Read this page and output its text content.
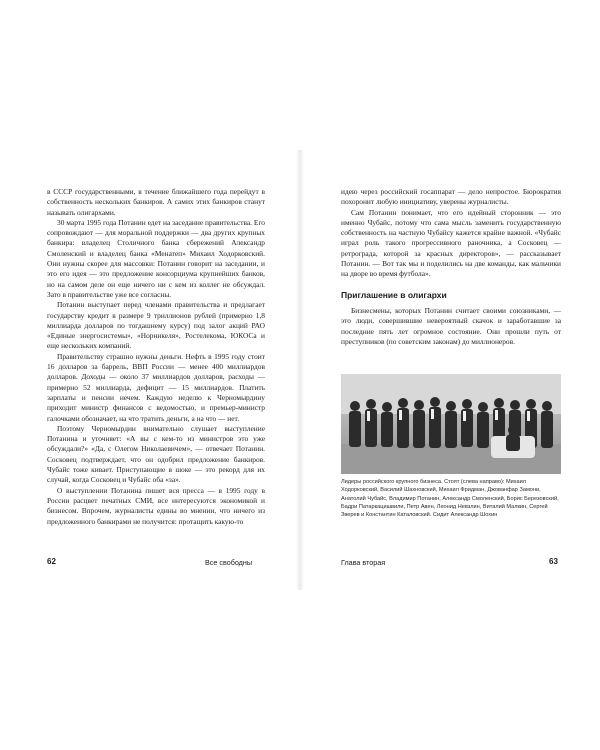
в СССР государственными, в течение ближайшего года перейдут в собственность нескольких банкиров. А самих этих банкиров станут называть олигархами.

30 марта 1995 года Потанин едет на заседание правительства. Его сопровождают — для моральной поддержки — два других крупных банкира: владелец Столичного банка сбережений Александр Смоленский и владелец банка «Менатеп» Михаил Ходорковский. Они нужны скорее для массовки: Потанин говорит на заседании, и это его идея — это предложение консорциума крупнейших банков, но на самом деле он еще ничего ни с кем из коллег не обсуждал. Зато в правительстве уже все согласны.

Потанин выступает перед членами правительства и предлагает государству кредит в размере 9 триллионов рублей (примерно 1,8 миллиарда долларов по тогдашнему курсу) под залог акций РАО «Единые энергосистемы», «Норникеля», Ростелекома, ЮКОСа и еще нескольких компаний.

Правительству страшно нужны деньги. Нефть в 1995 году стоит 16 долларов за баррель, ВВП России — менее 400 миллиардов долларов. Доходы — около 37 миллиардов долларов, расходы — примерно 52 миллиарда, дефицит — 15 миллиардов. Платить зарплаты и пенсии нечем. Каждую неделю к Черномырдину приходит министр финансов с ведомостью, и премьер-министр галочками обозначает, на что тратить деньги, а на что — нет.

Поэтому Черномырдин внимательно слушает выступление Потанина и уточняет: «А вы с кем-то из министров это уже обсуждали?» «Да, с Олегом Николаевичем», — отвечает Потанин. Сосковец подтверждает, что он одобрил предложение банкиров. Чубайс тоже кивает. Приступающие в шоке — это рекорд для их случай, когда Сосковец и Чубайс оба «за».

О выступлении Потанина пишет вся пресса — в 1995 году в России расцвет печатных СМИ, все интересуются экономикой и бизнесом. Впрочем, журналисты едины во мнении, что ничего из предложенного банкирами не получится: протащить какую-то

62	Все свободны

идею через российский госаппарат — дело непростое. Бюрократия похоронит любую инициативу, уверены журналисты.

Сам Потанин понимает, что его идейный сторонник — это именно Чубайс, потому что сама мысль заменить государственную собственность на частную Чубайсу кажется крайне важной. «Чубайс играл роль такого прогрессивного раночника, а Сосковец — ретрограда, которой за красных директоров», — рассказывает Потанин. — Вот так мы и поделились на две команды, как мальчики на дворе во время футбола».

Приглашение в олигархи

Бизнесмены, которых Потанин считает своими союзниками, — это люди, совершившие невероятный скачок и заработавшие за последние пять лет огромное состояние. Они прошли путь от преступников (по советским законам) до миллионеров.

Лидеры российского крупного бизнеса. Стоят (слева направо): Михаил Ходорковский, Василий Шахновский, Михаил Фридман, Джованфар Замони, Анатолий Чубайс, Владимир Потанин, Александр Смоленский, Борис Березовский, Бадри Патаркацишвили, Петр Авен, Леонид Невзлин, Виталий Малкин, Сергей Зверев и Константин Каталовский. Сидит Александр Шохин
Глава вторая	63
